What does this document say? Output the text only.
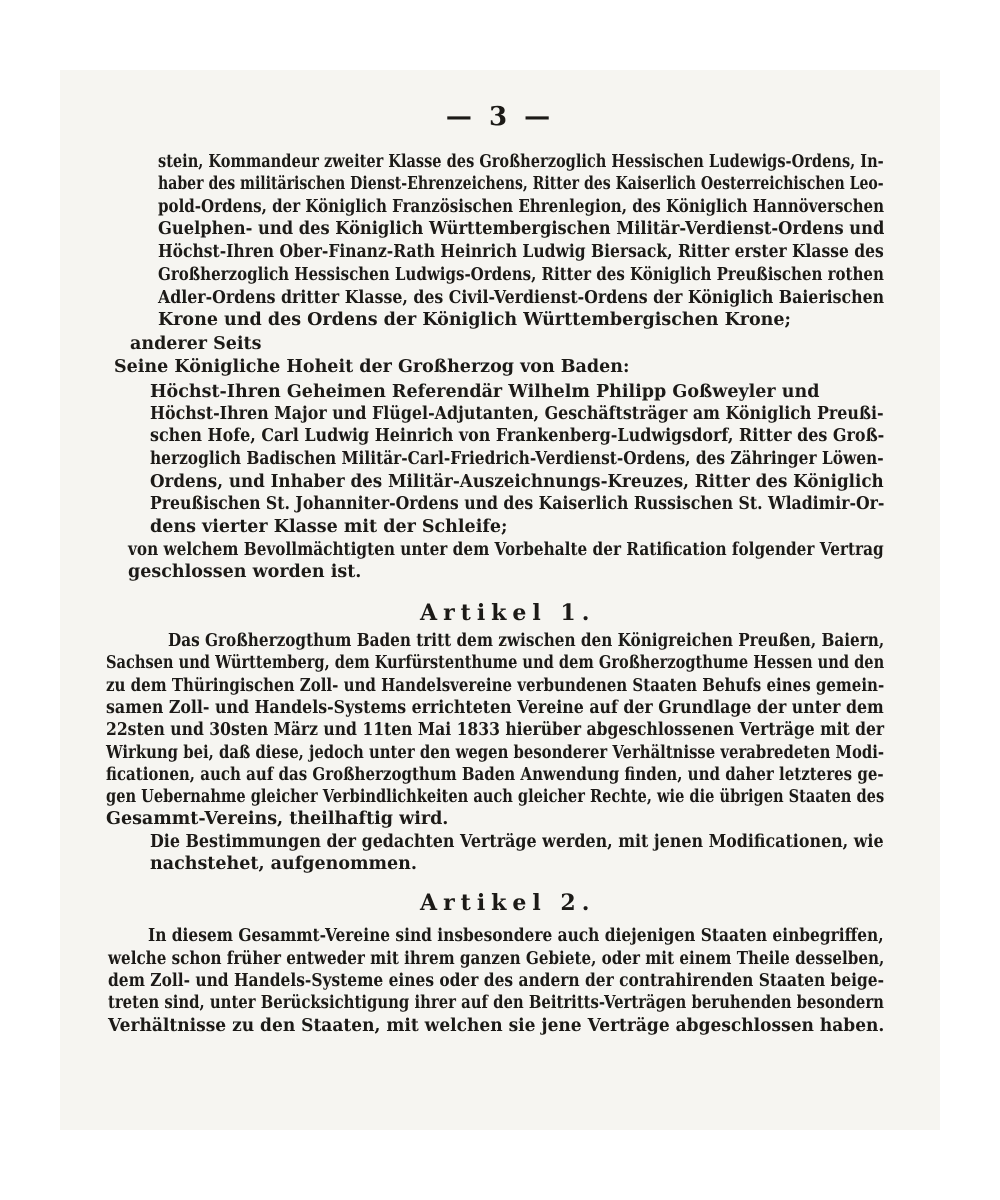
— 3 —
stein, Kommandeur zweiter Klasse des Großherzoglich Hessischen Ludewigs-Ordens, In-
haber des militärischen Dienst-Ehrenzeichens, Ritter des Kaiserlich Oesterreichischen Leo-
pold-Ordens, der Königlich Französischen Ehrenlegion, des Königlich Hannöverschen
Guelphen- und des Königlich Württembergischen Militär-Verdienst-Ordens und
Höchst-Ihren Ober-Finanz-Rath Heinrich Ludwig Biersack, Ritter erster Klasse des
Großherzoglich Hessischen Ludwigs-Ordens, Ritter des Königlich Preußischen rothen
Adler-Ordens dritter Klasse, des Civil-Verdienst-Ordens der Königlich Baierischen
Krone und des Ordens der Königlich Württembergischen Krone;
anderer Seits
Seine Königliche Hoheit der Großherzog von Baden:
Höchst-Ihren Geheimen Referendär Wilhelm Philipp Goßweyler und
Höchst-Ihren Major und Flügel-Adjutanten, Geschäftsträger am Königlich Preußi-
schen Hofe, Carl Ludwig Heinrich von Frankenberg-Ludwigsdorf, Ritter des Groß-
herzoglich Badischen Militär-Carl-Friedrich-Verdienst-Ordens, des Zähringer Löwen-
Ordens, und Inhaber des Militär-Auszeichnungs-Kreuzes, Ritter des Königlich
Preußischen St. Johanniter-Ordens und des Kaiserlich Russischen St. Wladimir-Or-
dens vierter Klasse mit der Schleife;
von welchem Bevollmächtigten unter dem Vorbehalte der Ratification folgender Vertrag
geschlossen worden ist.
Artikel 1.
Das Großherzogthum Baden tritt dem zwischen den Königreichen Preußen, Baiern,
Sachsen und Württemberg, dem Kurfürstenthume und dem Großherzogthume Hessen und den
zu dem Thüringischen Zoll- und Handelsvereine verbundenen Staaten Behufs eines gemein-
samen Zoll- und Handels-Systems errichteten Vereine auf der Grundlage der unter dem
22sten und 30sten März und 11ten Mai 1833 hierüber abgeschlossenen Verträge mit der
Wirkung bei, daß diese, jedoch unter den wegen besonderer Verhältnisse verabredeten Modi-
ficationen, auch auf das Großherzogthum Baden Anwendung finden, und daher letzteres ge-
gen Uebernahme gleicher Verbindlichkeiten auch gleicher Rechte, wie die übrigen Staaten des
Gesammt-Vereins, theilhaftig wird.
Die Bestimmungen der gedachten Verträge werden, mit jenen Modificationen, wie
nachstehet, aufgenommen.
Artikel 2.
In diesem Gesammt-Vereine sind insbesondere auch diejenigen Staaten einbegriffen,
welche schon früher entweder mit ihrem ganzen Gebiete, oder mit einem Theile desselben,
dem Zoll- und Handels-Systeme eines oder des andern der contrahirenden Staaten beige-
treten sind, unter Berücksichtigung ihrer auf den Beitritts-Verträgen beruhenden besondern
Verhältnisse zu den Staaten, mit welchen sie jene Verträge abgeschlossen haben.
